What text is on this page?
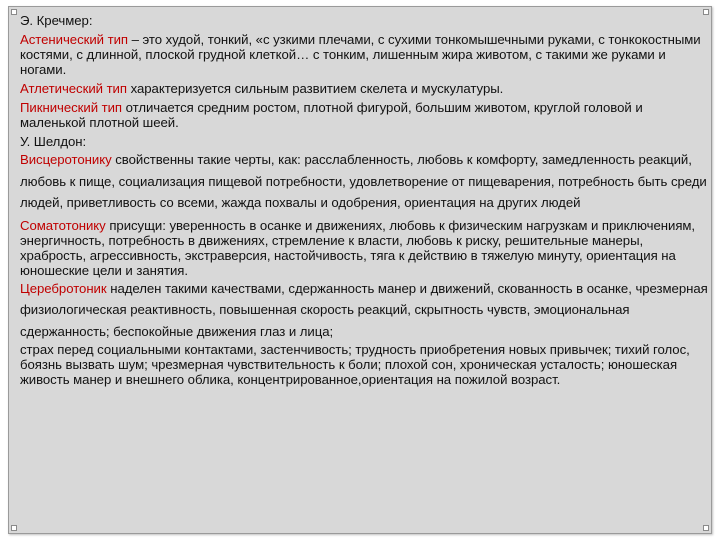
Э. Кречмер:

Астенический тип – это худой, тонкий, «с узкими плечами, с сухими тонкомышечными руками, с тонкокостными костями, с длинной, плоской грудной клеткой… с тонким, лишенным жира животом, с такими же руками и ногами.

Атлетический тип характеризуется сильным развитием скелета и мускулатуры.

Пикнический тип отличается средним ростом, плотной фигурой, большим животом, круглой головой и маленькой плотной шеей.

У. Шелдон:

Висцеротонику свойственны такие черты, как: расслабленность, любовь к комфорту, замедленность реакций, любовь к пище, социализация пищевой потребности, удовлетворение от пищеварения, потребность быть среди людей, приветливость со всеми, жажда похвалы и одобрения, ориентация на других людей

Соматотонику присущи: уверенность в осанке и движениях, любовь к физическим нагрузкам и приключениям, энергичность, потребность в движениях, стремление к власти, любовь к риску, решительные манеры, храбрость, агрессивность, экстраверсия, настойчивость, тяга к действию в тяжелую минуту, ориентация на юношеские цели и занятия.

Церебротоник наделен такими качествами, сдержанность манер и движений, скованность в осанке, чрезмерная физиологическая реактивность, повышенная скорость реакций, скрытность чувств, эмоциональная сдержанность; беспокойные движения глаз и лица;

страх перед социальными контактами, застенчивость; трудность приобретения новых привычек; тихий голос, боязнь вызвать шум; чрезмерная чувствительность к боли; плохой сон, хроническая усталость; юношеская живость манер и внешнего облика, концентрированное,ориентация на пожилой возраст.
